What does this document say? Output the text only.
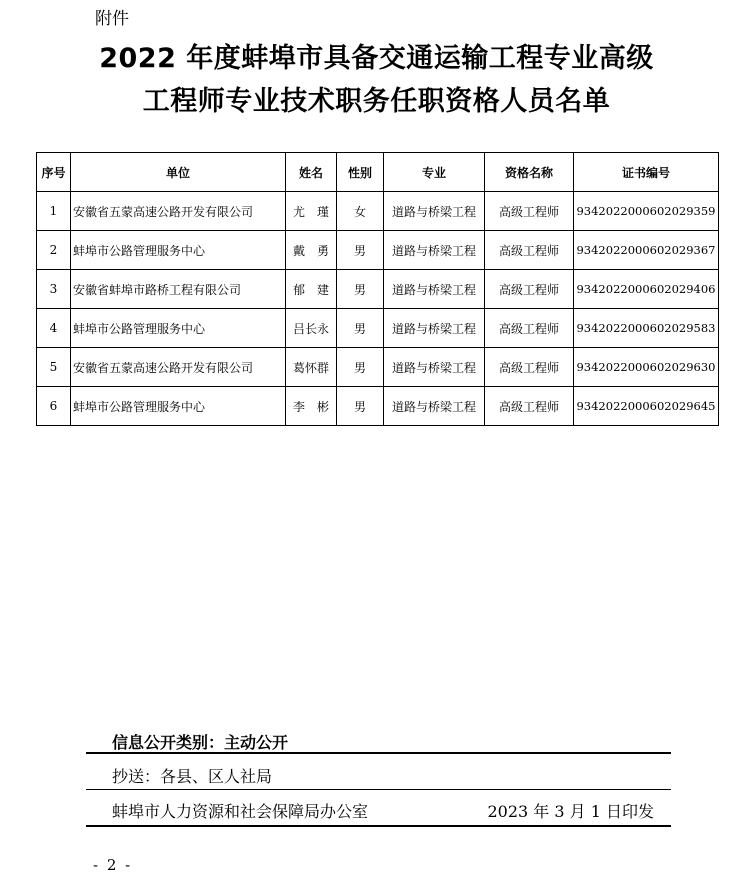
附件
2022 年度蚌埠市具备交通运输工程专业高级
工程师专业技术职务任职资格人员名单
序号	单位	姓名	性别	专业	资格名称	证书编号
1	安徽省五蒙高速公路开发有限公司	尤　瑾	女	道路与桥梁工程	高级工程师	9342022000602029359
2	蚌埠市公路管理服务中心	戴　勇	男	道路与桥梁工程	高级工程师	9342022000602029367
3	安徽省蚌埠市路桥工程有限公司	郁　建	男	道路与桥梁工程	高级工程师	9342022000602029406
4	蚌埠市公路管理服务中心	吕长永	男	道路与桥梁工程	高级工程师	9342022000602029583
5	安徽省五蒙高速公路开发有限公司	葛怀群	男	道路与桥梁工程	高级工程师	9342022000602029630
6	蚌埠市公路管理服务中心	李　彬	男	道路与桥梁工程	高级工程师	9342022000602029645
信息公开类别：主动公开
抄送：各县、区人社局
蚌埠市人力资源和社会保障局办公室	2023 年 3 月 1 日印发
- 2 -
